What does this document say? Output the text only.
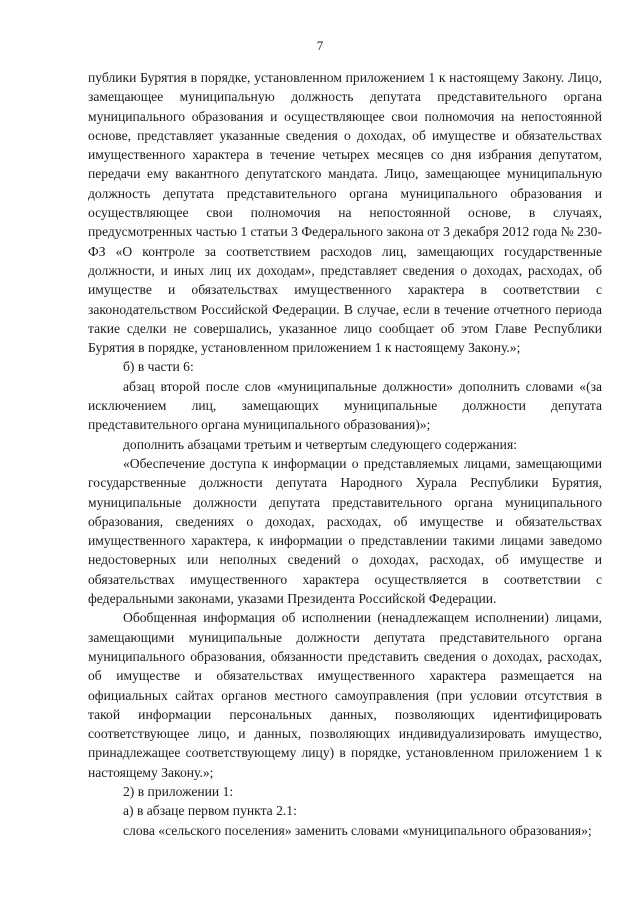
7

публики Бурятия в порядке, установленном приложением 1 к настоящему Закону. Лицо, замещающее муниципальную должность депутата представительного органа муниципального образования и осуществляющее свои полномочия на непостоянной основе, представляет указанные сведения о доходах, об имуществе и обязательствах имущественного характера в течение четырех месяцев со дня избрания депутатом, передачи ему вакантного депутатского мандата. Лицо, замещающее муниципальную должность депутата представительного органа муниципального образования и осуществляющее свои полномочия на непостоянной основе, в случаях, предусмотренных частью 1 статьи 3 Федерального закона от 3 декабря 2012 года № 230-ФЗ «О контроле за соответствием расходов лиц, замещающих государственные должности, и иных лиц их доходам», представляет сведения о доходах, расходах, об имуществе и обязательствах имущественного характера в соответствии с законодательством Российской Федерации. В случае, если в течение отчетного периода такие сделки не совершались, указанное лицо сообщает об этом Главе Республики Бурятия в порядке, установленном приложением 1 к настоящему Закону.»;

б) в части 6:

абзац второй после слов «муниципальные должности» дополнить словами «(за исключением лиц, замещающих муниципальные должности депутата представительного органа муниципального образования)»;

дополнить абзацами третьим и четвертым следующего содержания:

«Обеспечение доступа к информации о представляемых лицами, замещающими государственные должности депутата Народного Хурала Республики Бурятия, муниципальные должности депутата представительного органа муниципального образования, сведениях о доходах, расходах, об имуществе и обязательствах имущественного характера, к информации о представлении такими лицами заведомо недостоверных или неполных сведений о доходах, расходах, об имуществе и обязательствах имущественного характера осуществляется в соответствии с федеральными законами, указами Президента Российской Федерации.

Обобщенная информация об исполнении (ненадлежащем исполнении) лицами, замещающими муниципальные должности депутата представительного органа муниципального образования, обязанности представить сведения о доходах, расходах, об имуществе и обязательствах имущественного характера размещается на официальных сайтах органов местного самоуправления (при условии отсутствия в такой информации персональных данных, позволяющих идентифицировать соответствующее лицо, и данных, позволяющих индивидуализировать имущество, принадлежащее соответствующему лицу) в порядке, установленном приложением 1 к настоящему Закону.»;

2) в приложении 1:

а) в абзаце первом пункта 2.1:

слова «сельского поселения» заменить словами «муниципального образования»;
